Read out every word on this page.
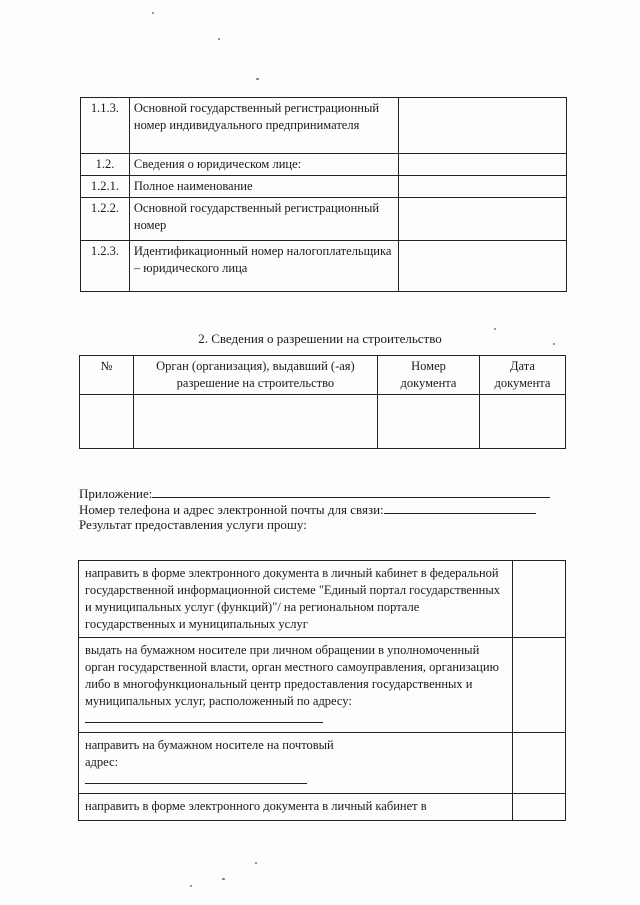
1.1.3.	Основной государственный регистрационный номер индивидуального предпринимателя	
1.2.	Сведения о юридическом лице:	
1.2.1.	Полное наименование	
1.2.2.	Основной государственный регистрационный номер	
1.2.3.	Идентификационный номер налогоплательщика – юридического лица	
2. Сведения о разрешении на строительство
№	Орган (организация), выдавший (-ая) разрешение на строительство	Номер документа	Дата документа

Приложение:
Номер телефона и адрес электронной почты для связи:
Результат предоставления услуги прошу:
направить в форме электронного документа в личный кабинет в федеральной государственной информационной системе "Единый портал государственных и муниципальных услуг (функций)"/ на региональном портале государственных и муниципальных услуг	
выдать на бумажном носителе при личном обращении в уполномоченный орган государственной власти, орган местного самоуправления, организацию либо в многофункциональный центр предоставления государственных и муниципальных услуг, расположенный по адресу:	
направить на бумажном носителе на почтовый адрес:	
направить в форме электронного документа в личный кабинет в	
